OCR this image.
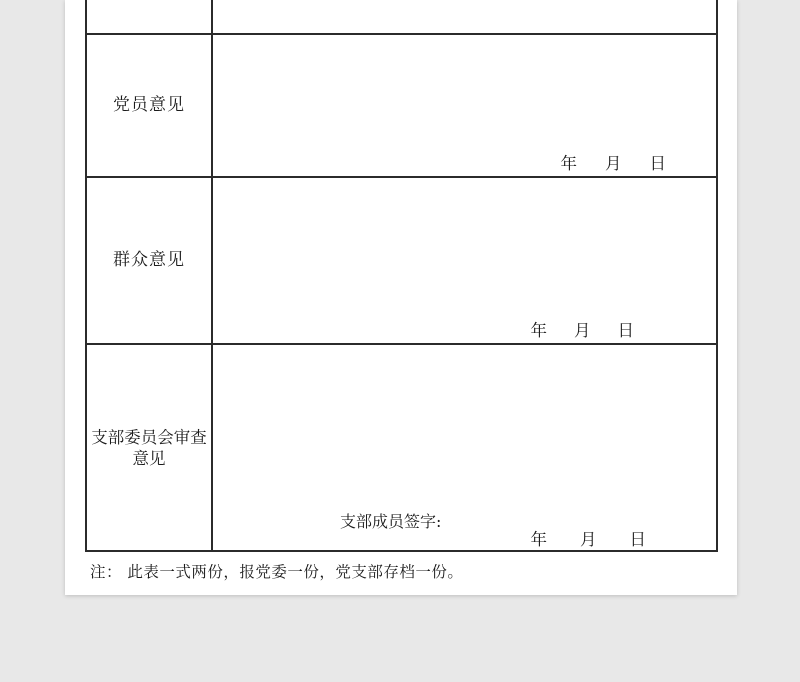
党员意见
年 月 日
群众意见
年 月 日
支部委员会审查
意见
支部成员签字:
年 月 日
注： 此表一式两份，报党委一份，党支部存档一份。
